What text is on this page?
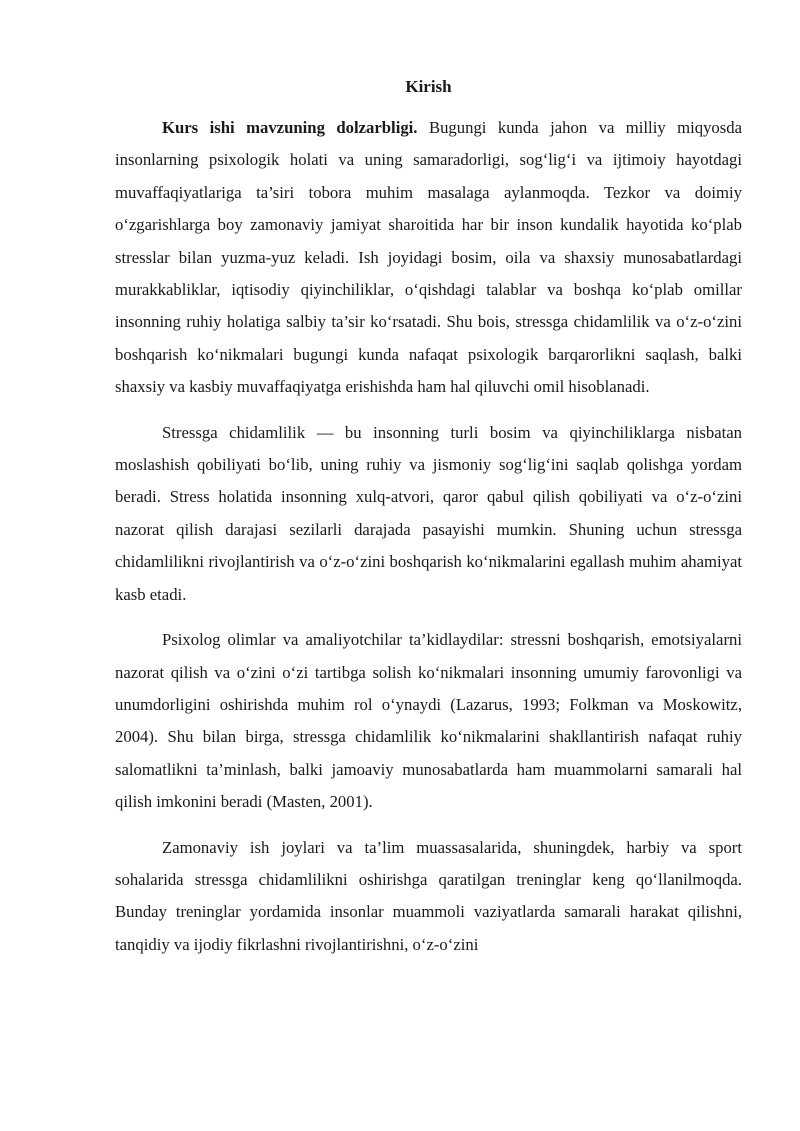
Kirish

Kurs ishi mavzuning dolzarbligi. Bugungi kunda jahon va milliy miqyosda insonlarning psixologik holati va uning samaradorligi, sog‘lig‘i va ijtimoiy hayotdagi muvaffaqiyatlariga ta’siri tobora muhim masalaga aylanmoqda. Tezkor va doimiy o‘zgarishlarga boy zamonaviy jamiyat sharoitida har bir inson kundalik hayotida ko‘plab stresslar bilan yuzma-yuz keladi. Ish joyidagi bosim, oila va shaxsiy munosabatlardagi murakkabliklar, iqtisodiy qiyinchiliklar, o‘qishdagi talablar va boshqa ko‘plab omillar insonning ruhiy holatiga salbiy ta’sir ko‘rsatadi. Shu bois, stressga chidamlilik va o‘z-o‘zini boshqarish ko‘nikmalari bugungi kunda nafaqat psixologik barqarorlikni saqlash, balki shaxsiy va kasbiy muvaffaqiyatga erishishda ham hal qiluvchi omil hisoblanadi.

Stressga chidamlilik — bu insonning turli bosim va qiyinchiliklarga nisbatan moslashish qobiliyati bo‘lib, uning ruhiy va jismoniy sog‘lig‘ini saqlab qolishga yordam beradi. Stress holatida insonning xulq-atvori, qaror qabul qilish qobiliyati va o‘z-o‘zini nazorat qilish darajasi sezilarli darajada pasayishi mumkin. Shuning uchun stressga chidamlilikni rivojlantirish va o‘z-o‘zini boshqarish ko‘nikmalarini egallash muhim ahamiyat kasb etadi.

Psixolog olimlar va amaliyotchilar ta’kidlaydilar: stressni boshqarish, emotsiyalarni nazorat qilish va o‘zini o‘zi tartibga solish ko‘nikmalari insonning umumiy farovonligi va unumdorligini oshirishda muhim rol o‘ynaydi (Lazarus, 1993; Folkman va Moskowitz, 2004). Shu bilan birga, stressga chidamlilik ko‘nikmalarini shakllantirish nafaqat ruhiy salomatlikni ta’minlash, balki jamoaviy munosabatlarda ham muammolarni samarali hal qilish imkonini beradi (Masten, 2001).

Zamonaviy ish joylari va ta’lim muassasalarida, shuningdek, harbiy va sport sohalarida stressga chidamlilikni oshirishga qaratilgan treninglar keng qo‘llanilmoqda. Bunday treninglar yordamida insonlar muammoli vaziyatlarda samarali harakat qilishni, tanqidiy va ijodiy fikrlashni rivojlantirishni, o‘z-o‘zini
